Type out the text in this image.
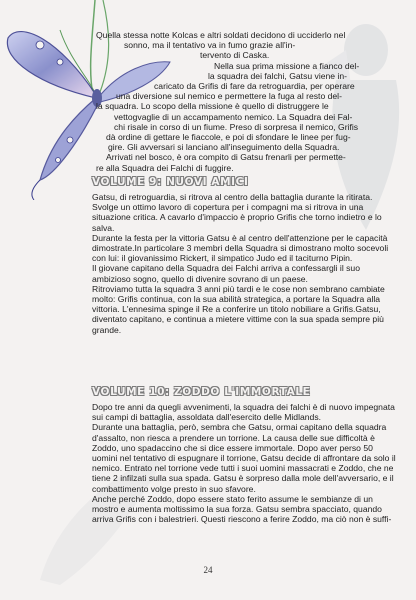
Quella stessa notte Kolcas e altri soldati decidono di ucciderlo nel
sonno, ma il tentativo va in fumo grazie all'in-
tervento di Caska.
Nella sua prima missione a fianco del-
la squadra dei falchi, Gatsu viene in-
caricato da Grifis di fare da retroguardia, per operare
una diversione sul nemico e permettere la fuga al resto del-
la squadra. Lo scopo della missione è quello di distruggere le
vettogvaglie di un accampamento nemico. La Squadra dei Fal-
chi risale in corso di un fiume. Preso di sorpresa il nemico, Grifis
dà ordine di gettare le fiaccole, e poi di sfondare le linee per fug-
gire. Gli avversari si lanciano all'inseguimento della Squadra.
Arrivati nel bosco, è ora compito di Gatsu frenarli per permette-
re alla Squadra dei Falchi di fuggire.
VOLUME 9: NUOVI AMICI

Gatsu, di retroguardia, si ritrova al centro della battaglia durante la ritirata. Svolge un ottimo lavoro di copertura per i compagni ma si ritrova in una situazione critica. A cavarlo d'impaccio è proprio Grifis che torno indietro e lo salva.

Durante la festa per la vittoria Gatsu è al centro dell'attenzione per le capacità dimostrate.In particolare 3 membri della Squadra si dimostrano molto socevoli con lui: il giovanissimo Rickert, il simpatico Judo ed il taciturno Pipin.

Il giovane capitano della Squadra dei Falchi arriva a confessargli il suo ambizioso sogno, quello di divenire sovrano di un paese.

Ritroviamo tutta la squadra 3 anni più tardi e le cose non sembrano cambiate molto: Grifis continua, con la sua abilità strategica, a portare la Squadra alla vittoria. L'ennesima spinge il Re a conferire un titolo nobiliare a Grifis.Gatsu, diventato capitano, e continua a mietere vittime con la sua spada sempre più grande.

VOLUME 10: ZODDO L'IMMORTALE

Dopo tre anni da quegli avvenimenti, la squadra dei falchi è di nuovo impegnata sui campi di battaglia, assoldata dall'esercito delle Midlands.

Durante una battaglia, però, sembra che Gatsu, ormai capitano della squadra d'assalto, non riesca a prendere un torrione. La causa delle sue difficoltà è Zoddo, uno spadaccino che si dice essere immortale. Dopo aver perso 50 uomini nel tentativo di espugnare il torrione, Gatsu decide di affrontare da solo il nemico. Entrato nel torrione vede tutti i suoi uomini massacrati e Zoddo, che ne tiene 2 infilzati sulla sua spada. Gatsu è sorpreso dalla mole dell'avversario, e il combattimento volge presto in suo sfavore.

Anche perché Zoddo, dopo essere stato ferito assume le sembianze di un mostro e aumenta moltissimo la sua forza. Gatsu sembra spacciato, quando arriva Grifis con i balestrieri. Questi riescono a ferire Zoddo, ma ciò non è suffi-

24
